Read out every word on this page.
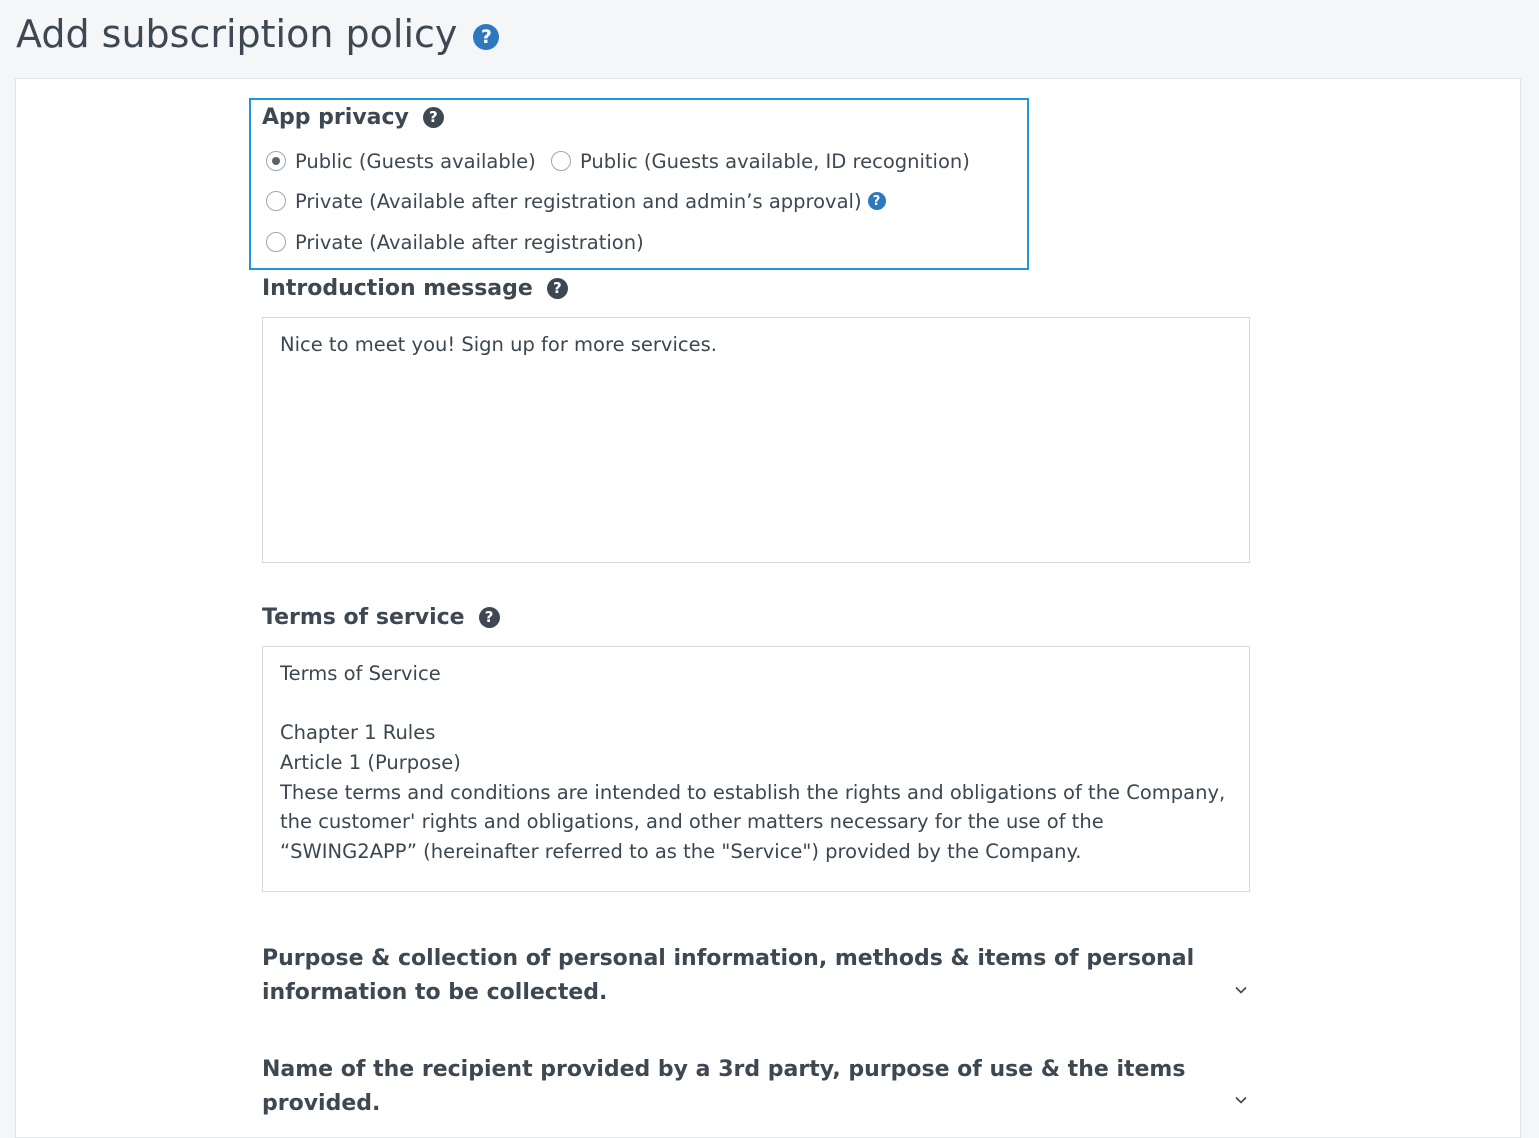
Add subscription policy	?
App privacy	?
Public (Guests available) Public (Guests available, ID recognition)
Private (Available after registration and admin’s approval) ?
Private (Available after registration)
Introduction message	?
Nice to meet you! Sign up for more services.
Terms of service	?
Terms of Service
Chapter 1 Rules
Article 1 (Purpose)
These terms and conditions are intended to establish the rights and obligations of the Company,
the customer' rights and obligations, and other matters necessary for the use of the
“SWING2APP” (hereinafter referred to as the "Service") provided by the Company.
Purpose & collection of personal information, methods & items of personal
information to be collected.
Name of the recipient provided by a 3rd party, purpose of use & the items provided.
